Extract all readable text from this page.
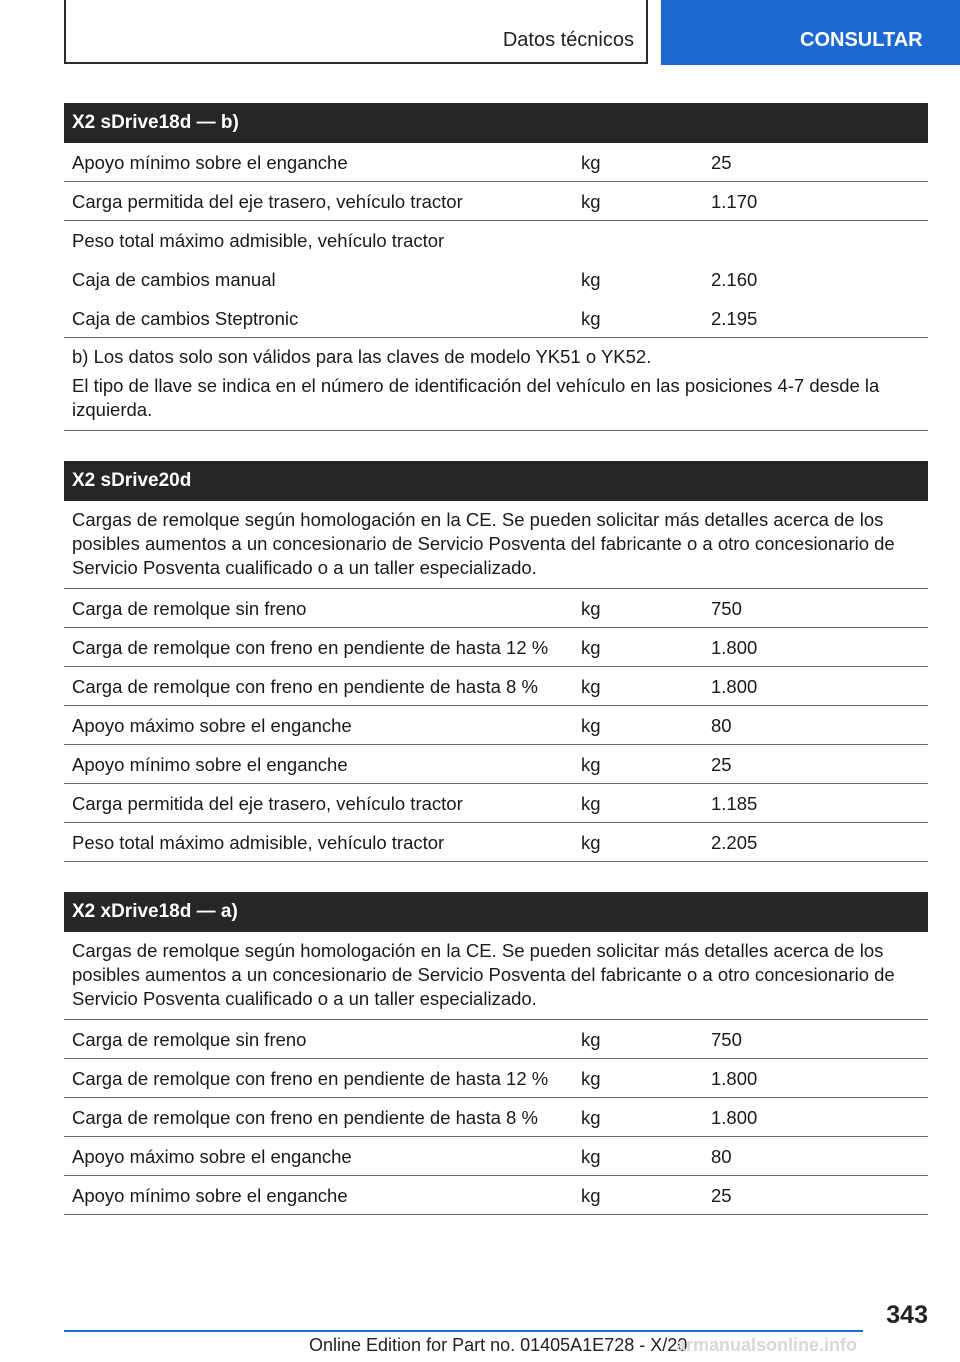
Datos técnicos	CONSULTAR
X2 sDrive18d — b)
Apoyo mínimo sobre el enganche	kg	25
Carga permitida del eje trasero, vehículo tractor	kg	1.170
Peso total máximo admisible, vehículo tractor
Caja de cambios manual	kg	2.160
Caja de cambios Steptronic	kg	2.195

b) Los datos solo son válidos para las claves de modelo YK51 o YK52.

El tipo de llave se indica en el número de identificación del vehículo en las posiciones 4-7 desde la izquierda.

X2 sDrive20d

Cargas de remolque según homologación en la CE. Se pueden solicitar más detalles acerca de los posibles aumentos a un concesionario de Servicio Posventa del fabricante o a otro concesionario de Servicio Posventa cualificado o a un taller especializado.

Carga de remolque sin freno	kg	750
Carga de remolque con freno en pendiente de hasta 12 %	kg	1.800
Carga de remolque con freno en pendiente de hasta 8 %	kg	1.800
Apoyo máximo sobre el enganche	kg	80
Apoyo mínimo sobre el enganche	kg	25
Carga permitida del eje trasero, vehículo tractor	kg	1.185
Peso total máximo admisible, vehículo tractor	kg	2.205
X2 xDrive18d — a)

Cargas de remolque según homologación en la CE. Se pueden solicitar más detalles acerca de los posibles aumentos a un concesionario de Servicio Posventa del fabricante o a otro concesionario de Servicio Posventa cualificado o a un taller especializado.

Carga de remolque sin freno	kg	750
Carga de remolque con freno en pendiente de hasta 12 %	kg	1.800
Carga de remolque con freno en pendiente de hasta 8 %	kg	1.800
Apoyo máximo sobre el enganche	kg	80
Apoyo mínimo sobre el enganche	kg	25
343
Online Edition for Part no. 01405A1E728 - X/20
armanualsonline.info
